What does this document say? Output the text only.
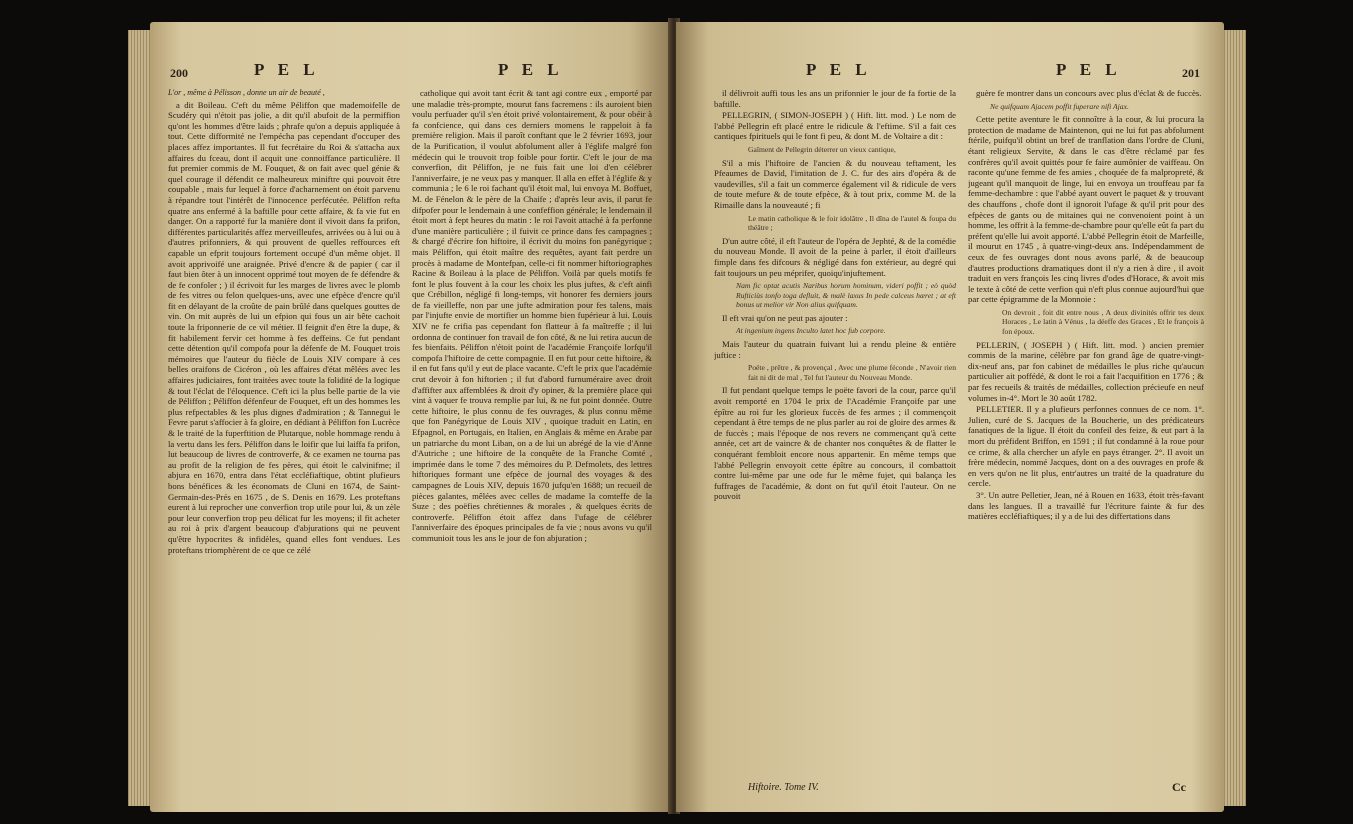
200	P E L	P E L

L'or , même à Pélisson , donne un air de beauté ,

a dit Boileau. C'eft du même Péliffon que mademoifelle de Scudéry qui n'étoit pas jolie, a dit qu'il abufoit de la permiffion qu'ont les hommes d'être laids ; phrafe qu'on a depuis appliquée à tout. Cette difformité ne l'empécha pas cependant d'occuper des places affez importantes. Il fut fecrétaire du Roi & s'attacha aux affaires du fceau, dont il acquit une connoiffance particulière. Il fut premier commis de M. Fouquet, & on fait avec quel génie & quel courage il défendit ce malheureux miniftre qui pouvoit être coupable , mais fur lequel à force d'acharnement on étoit parvenu à répandre tout l'intérêt de l'innocence perfécutée. Péliffon refta quatre ans enfermé à la baftille pour cette affaire, & fa vie fut en danger. On a rapporté fur la manière dont il vivoit dans fa prifon, différentes particularités affez merveilleufes, arrivées ou à lui ou à d'autres prifonniers, & qui prouvent de quelles reffources eft capable un efprit toujours fortement occupé d'un même objet. Il avoit apprivoifé une araignée. Privé d'encre & de papier ( car il faut bien ôter à un innocent opprimé tout moyen de fe défendre & de fe confoler ; ) il écrivoit fur les marges de livres avec le plomb de fes vitres ou felon quelques-uns, avec une efpèce d'encre qu'il fit en délayant de la croûte de pain brûlé dans quelques gouttes de vin. On mit auprès de lui un efpion qui fous un air bête cachoit toute la friponnerie de ce vil métier. Il feignit d'en être la dupe, & fit habilement fervir cet homme à fes deffeins. Ce fut pendant cette détention qu'il compofa pour la défenfe de M. Fouquet trois mémoires que l'auteur du fiècle de Louis XIV compare à ces belles oraifons de Cicéron , où les affaires d'état mêlées avec les affaires judiciaires, font traitées avec toute la folidité de la logique & tout l'éclat de l'éloquence. C'eft ici la plus belle partie de la vie de Péliffon ; Péliffon défenfeur de Fouquet, eft un des hommes les plus refpectables & les plus dignes d'admiration ; & Tannegui le Fevre parut s'affocier à fa gloire, en dédiant à Péliffon fon Lucrèce & le traité de la fuperftition de Plutarque, noble hommage rendu à la vertu dans les fers. Péliffon dans le loifir que lui laiffa fa prifon, lut beaucoup de livres de controverfe, & ce examen ne tourna pas au profit de la religion de fes pères, qui étoit le calvinifme; il abjura en 1670, entra dans l'état eccléfiaftique, obtint plufieurs bons bénéfices & les économats de Cluni en 1674, de Saint-Germain-des-Prés en 1675 , de S. Denis en 1679. Les proteftans eurent à lui reprocher une converfion trop utile pour lui, & un zèle pour leur converfion trop peu délicat fur les moyens; il fit acheter au roi à prix d'argent beaucoup d'abjurations qui ne peuvent qu'être hypocrites & infidèles, quand elles font vendues. Les proteftans triomphèrent de ce que ce zélé

catholique qui avoit tant écrit & tant agi contre eux , emporté par une maladie très-prompte, mourut fans facremens : ils auroient bien voulu perfuader qu'il s'en étoit privé volontairement, & pour obéir à fa confcience, qui dans ces derniers momens le rappeloit à fa première religion. Mais il paroît conftant que le 2 février 1693, jour de la Purification, il voulut abfolument aller à l'églife malgré fon médecin qui le trouvoit trop foible pour fortir. C'eft le jour de ma converfion, dit Péliffon, je ne fuis fait une loi d'en célébrer l'anniverfaire, je ne veux pas y manquer. Il alla en effet à l'églife & y communia ; le 6 le roi fachant qu'il étoit mal, lui envoya M. Boffuet, M. de Fénelon & le père de la Chaife ; d'après leur avis, il parut fe difpofer pour le lendemain à une confeffion générale; le lendemain il étoit mort à fept heures du matin : le roi l'avoit attaché à fa perfonne d'une manière particulière ; il fuivit ce prince dans fes campagnes ; & chargé d'écrire fon hiftoire, il écrivit du moins fon panégyrique ; mais Péliffon, qui étoit maître des requêtes, ayant fait perdre un procès à madame de Montefpan, celle-ci fit nommer hiftoriographes Racine & Boileau à la place de Péliffon. Voilà par quels motifs fe font le plus fouvent à la cour les choix les plus juftes, & c'eft ainfi que Crébillon, négligé fi long-temps, vit honorer fes derniers jours de fa vieilleffe, non par une jufte admiration pour fes talens, mais par l'injufte envie de mortifier un homme bien fupérieur à lui. Louis XIV ne fe crifia pas cependant fon flatteur à fa maîtreffe ; il lui ordonna de continuer fon travail de fon côté, & ne lui retira aucun de fes bienfaits. Péliffon n'étoit point de l'académie Françoife lorfqu'il compofa l'hiftoire de cette compagnie. Il en fut pour cette hiftoire, & il en fut fans qu'il y eut de place vacante. C'eft le prix que l'académie crut devoir à fon hiftorien ; il fut d'abord furnuméraire avec droit d'affifter aux affemblées & droit d'y opiner, & la première place qui vint à vaquer fe trouva remplie par lui, & ne fut point donnée. Outre cette hiftoire, le plus connu de fes ouvrages, & plus connu même que fon Panégyrique de Louis XIV , quoique traduit en Latin, en Efpagnol, en Portugais, en Italien, en Anglais & même en Arabe par un patriarche du mont Liban, on a de lui un abrégé de la vie d'Anne d'Autriche ; une hiftoire de la conquête de la Franche Comté , imprimée dans le tome 7 des mémoires du P. Defmolets, des lettres hiftoriques formant une efpèce de journal des voyages & des campagnes de Louis XIV, depuis 1670 jufqu'en 1688; un recueil de pièces galantes, mêlées avec celles de madame la comteffe de la Suze ; des poëfies chrétiennes & morales , & quelques écrits de controverfe. Péliffon étoit affez dans l'ufage de célébrer l'anniverfaire des époques principales de fa vie ; nous avons vu qu'il communioit tous les ans le jour de fon abjuration ;

P E L	P E L	201

il délivroit auffi tous les ans un prifonnier le jour de fa fortie de la baftille.

PELLEGRIN, ( SIMON-JOSEPH ) ( Hift. litt. mod. ) Le nom de l'abbé Pellegrin eft placé entre le ridicule & l'eftime. S'il a fait ces cantiques fpirituels qui le font fi peu, & dont M. de Voltaire a dit :

Gaîment de Pellegrin déterrer un vieux cantique,

S'il a mis l'hiftoire de l'ancien & du nouveau teftament, les Pfeaumes de David, l'imitation de J. C. fur des airs d'opéra & de vaudevilles, s'il a fait un commerce également vil & ridicule de vers de toute mefure & de toute efpèce, & à tout prix, comme M. de la Rimaille dans la nouveauté ; fi

Le matin catholique & le foir idolâtre , Il dîna de l'autel & foupa du théâtre ;

D'un autre côté, il eft l'auteur de l'opéra de Jephté, & de la comédie du nouveau Monde. Il avoit de la peine à parler, il étoit d'ailleurs fimple dans fes difcours & négligé dans fon extérieur, au degré qui fait toujours un peu méprifer, quoiqu'injuftement.

Nam fic optat acutis Naribus horum hominum, videri poffit ; eò quòd Rufticiùs tonfo toga defluit, & malè laxus In pede calceus hæret ; at eft bonus ut melior vir Non alius quifquam.

Il eft vrai qu'on ne peut pas ajouter :

At ingenium ingens Inculto latet hoc fub corpore.

Mais l'auteur du quatrain fuivant lui a rendu pleine & entière juftice :

Poëte , prêtre , & provençal , Avec une plume féconde , N'avoir rien fait ni dit de mal , Tel fut l'auteur du Nouveau Monde.

Il fut pendant quelque temps le poëte favori de la cour, parce qu'il avoit remporté en 1704 le prix de l'Académie Françoife par une épître au roi fur les glorieux fuccès de fes armes ; il commençoit cependant à être temps de ne plus parler au roi de gloire des armes & de fuccès ; mais l'époque de nos revers ne commençant qu'à cette année, cet art de vaincre & de chanter nos conquêtes & de flatter le conquérant fembloit encore nous appartenir. En même temps que l'abbé Pellegrin envoyoit cette épître au concours, il combattoit contre lui-même par une ode fur le même fujet, qui balança les fuffrages de l'académie, & dont on fut qu'il étoit l'auteur. On ne pouvoit

Hiftoire. Tome IV.

guère fe montrer dans un concours avec plus d'éclat & de fuccès.

Ne quifquam Ajacem poffit fuperare nifi Ajax.

Cette petite aventure le fit connoître à la cour, & lui procura la protection de madame de Maintenon, qui ne lui fut pas abfolument ftérile, puifqu'il obtint un bref de tranflation dans l'ordre de Cluni, étant religieux Servite, & dans le cas d'être réclamé par fes confrères qu'il avoit quittés pour fe faire aumônier de vaiffeau. On raconte qu'une femme de fes amies , choquée de fa malpropreté, & jugeant qu'il manquoit de linge, lui en envoya un trouffeau par fa femme-dechambre : que l'abbé ayant ouvert le paquet & y trouvant des chauffons , chofe dont il ignoroit l'ufage & qu'il prit pour des efpèces de gants ou de mitaines qui ne convenoient point à un homme, les offrit à la femme-de-chambre pour qu'elle eût fa part du préfent qu'elle lui avoit apporté. L'abbé Pellegrin étoit de Marfeille, il mourut en 1745 , à quatre-vingt-deux ans. Indépendamment de ceux de fes ouvrages dont nous avons parlé, & de beaucoup d'autres productions dramatiques dont il n'y a rien à dire , il avoit traduit en vers françois les cinq livres d'odes d'Horace, & avoit mis le texte à côté de cette verfion qui n'eft plus connue aujourd'hui que par cette épigramme de la Monnoie :

On devroit , foit dit entre nous , A deux divinités offrir tes deux Horaces , Le latin à Vénus , la déeffe des Graces , Et le françois à fon époux.

PELLERIN, ( JOSEPH ) ( Hift. litt. mod. ) ancien premier commis de la marine, célèbre par fon grand âge de quatre-vingt-dix-neuf ans, par fon cabinet de médailles le plus riche qu'aucun particulier ait poffédé, & dont le roi a fait l'acquifition en 1776 ; & par fes recueils & traités de médailles, collection précieufe en neuf volumes in-4°. Mort le 30 août 1782.

PELLETIER. Il y a plufieurs perfonnes connues de ce nom. 1°. Julien, curé de S. Jacques de la Boucherie, un des prédicateurs fanatiques de la ligue. Il étoit du confeil des feize, & eut part à la mort du préfident Briffon, en 1591 ; il fut condamné à la roue pour ce crime, & alla chercher un afyle en pays étranger. 2°. Il avoit un frère médecin, nommé Jacques, dont on a des ouvrages en profe & en vers qu'on ne lit plus, entr'autres un traité de la quadrature du cercle.

3°. Un autre Pelletier, Jean, né à Rouen en 1633, étoit très-favant dans les langues. Il a travaillé fur l'écriture fainte & fur des matières eccléfiaftiques; il y a de lui des differtations dans

Cc
